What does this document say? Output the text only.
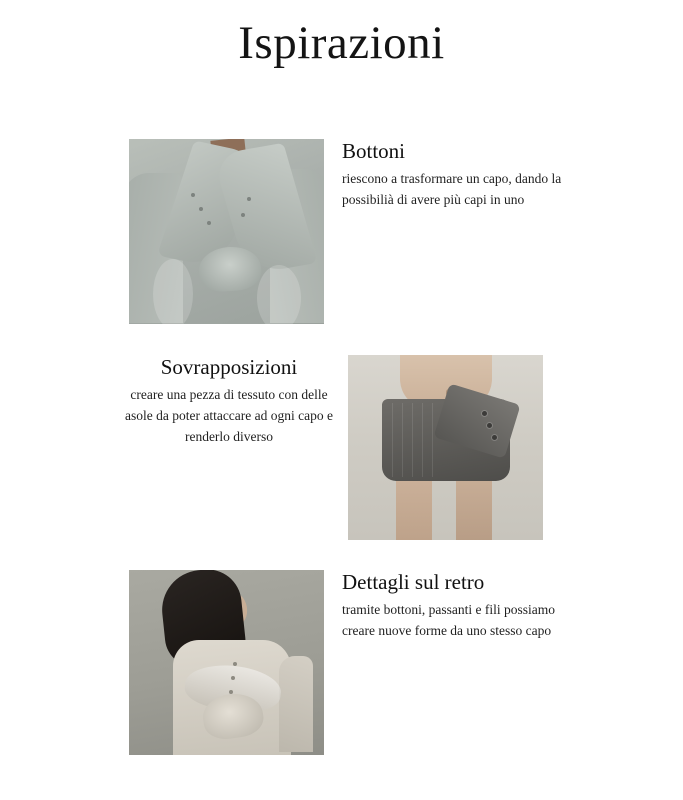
Ispirazioni
Bottoni

riescono a trasformare un capo, dando la possibilià di avere più capi in uno

Sovrapposizioni

creare una pezza di tessuto con delle asole da poter attaccare ad ogni capo e renderlo diverso

Dettagli sul retro

tramite bottoni, passanti e fili possiamo creare nuove forme da uno stesso capo
